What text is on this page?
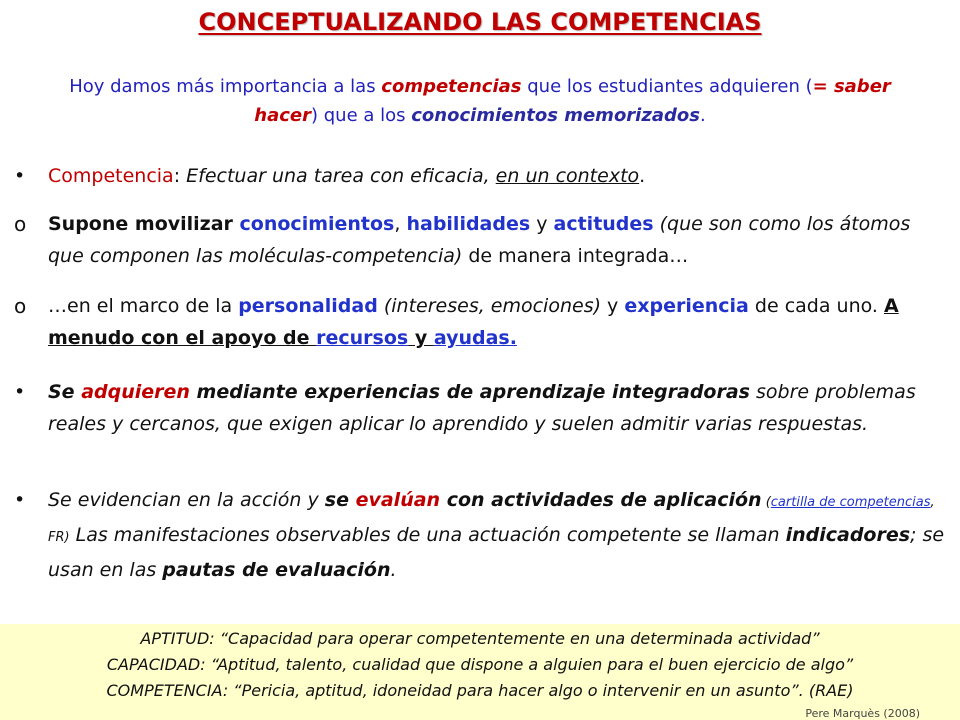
CONCEPTUALIZANDO LAS COMPETENCIAS

Hoy damos más importancia a las competencias que los estudiantes adquieren (= saber hacer) que a los conocimientos memorizados.

• Competencia: Efectuar una tarea con eficacia, en un contexto.
o Supone movilizar conocimientos, habilidades y actitudes (que son como los átomos que componen las moléculas-competencia) de manera integrada…
o …en el marco de la personalidad (intereses, emociones) y experiencia de cada uno. A menudo con el apoyo de recursos y ayudas.
• Se adquieren mediante experiencias de aprendizaje integradoras sobre problemas reales y cercanos, que exigen aplicar lo aprendido y suelen admitir varias respuestas.
• Se evidencian en la acción y se evalúan con actividades de aplicación (cartilla de competencias, FR) Las manifestaciones observables de una actuación competente se llaman indicadores; se usan en las pautas de evaluación.
APTITUD: “Capacidad para operar competentemente en una determinada actividad”
CAPACIDAD: “Aptitud, talento, cualidad que dispone a alguien para el buen ejercicio de algo”
COMPETENCIA: “Pericia, aptitud, idoneidad para hacer algo o intervenir en un asunto”. (RAE)
Pere Marquès (2008)
